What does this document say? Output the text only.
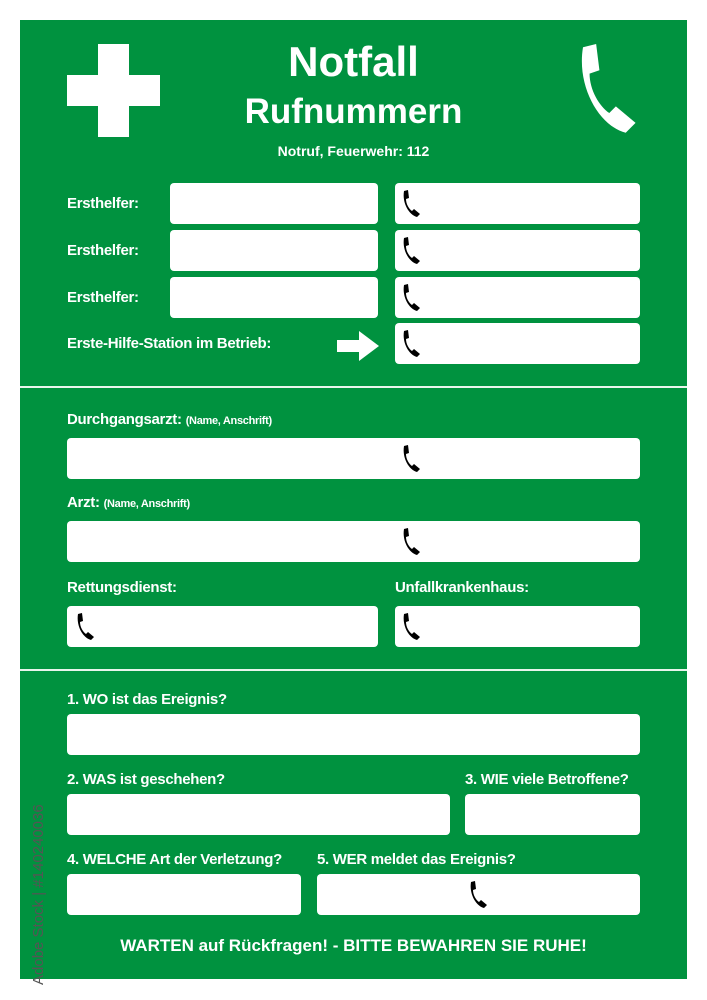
Notfall
Rufnummern
Notruf, Feuerwehr: 112
Ersthelfer:
Ersthelfer:
Ersthelfer:
Erste-Hilfe-Station im Betrieb:
Durchgangsarzt: (Name, Anschrift)
Arzt: (Name, Anschrift)
Rettungsdienst:	Unfallkrankenhaus:
1. WO ist das Ereignis?
2. WAS ist geschehen?	3. WIE viele Betroffene?
4. WELCHE Art der Verletzung? 5. WER meldet das Ereignis?
WARTEN auf Rückfragen! - BITTE BEWAHREN SIE RUHE!
Adobe Stock | #140240036
